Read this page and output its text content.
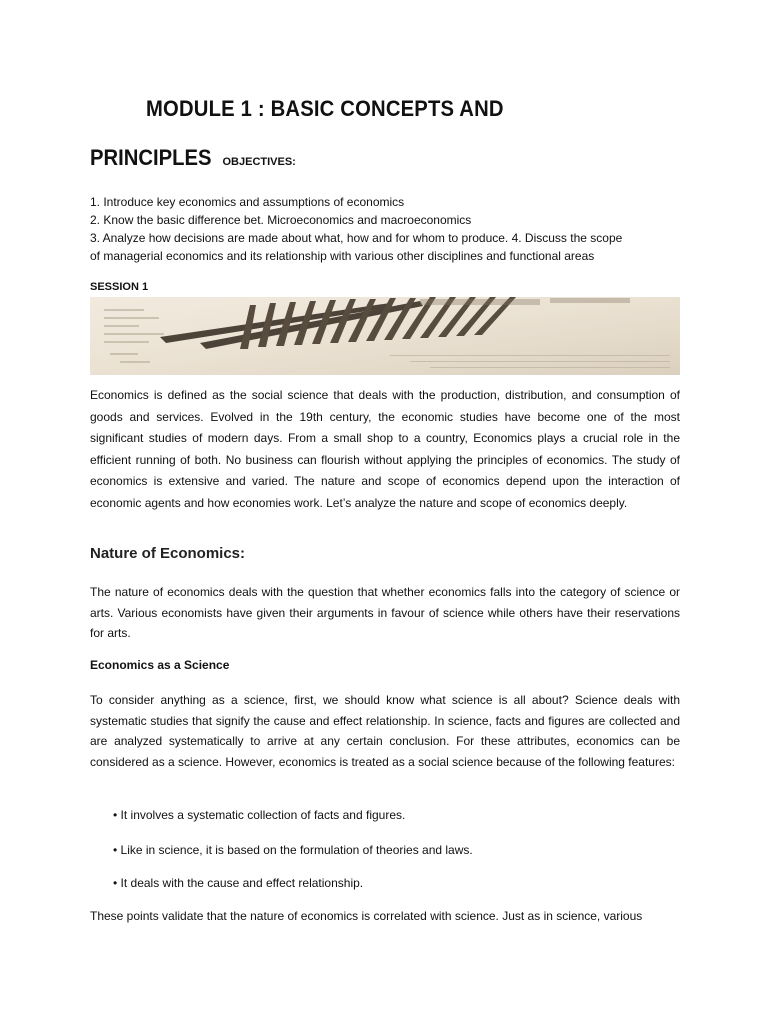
MODULE 1 : BASIC CONCEPTS AND
PRINCIPLES OBJECTIVES:
1. Introduce key economics and assumptions of economics
2. Know the basic difference bet. Microeconomics and macroeconomics
3. Analyze how decisions are made about what, how and for whom to produce. 4. Discuss the scope
of managerial economics and its relationship with various other disciplines and functional areas
SESSION 1
Economics is defined as the social science that deals with the production, distribution, and consumption of goods and services. Evolved in the 19th century, the economic studies have become one of the most significant studies of modern days. From a small shop to a country, Economics plays a crucial role in the efficient running of both. No business can flourish without applying the principles of economics. The study of economics is extensive and varied. The nature and scope of economics depend upon the interaction of economic agents and how economies work. Let’s analyze the nature and scope of economics deeply.
Nature of Economics:
The nature of economics deals with the question that whether economics falls into the category of science or arts. Various economists have given their arguments in favour of science while others have their reservations for arts.
Economics as a Science
To consider anything as a science, first, we should know what science is all about? Science deals with systematic studies that signify the cause and effect relationship. In science, facts and figures are collected and are analyzed systematically to arrive at any certain conclusion. For these attributes, economics can be considered as a science. However, economics is treated as a social science because of the following features:
• It involves a systematic collection of facts and figures.
• Like in science, it is based on the formulation of theories and laws.
• It deals with the cause and effect relationship.
These points validate that the nature of economics is correlated with science. Just as in science, various
